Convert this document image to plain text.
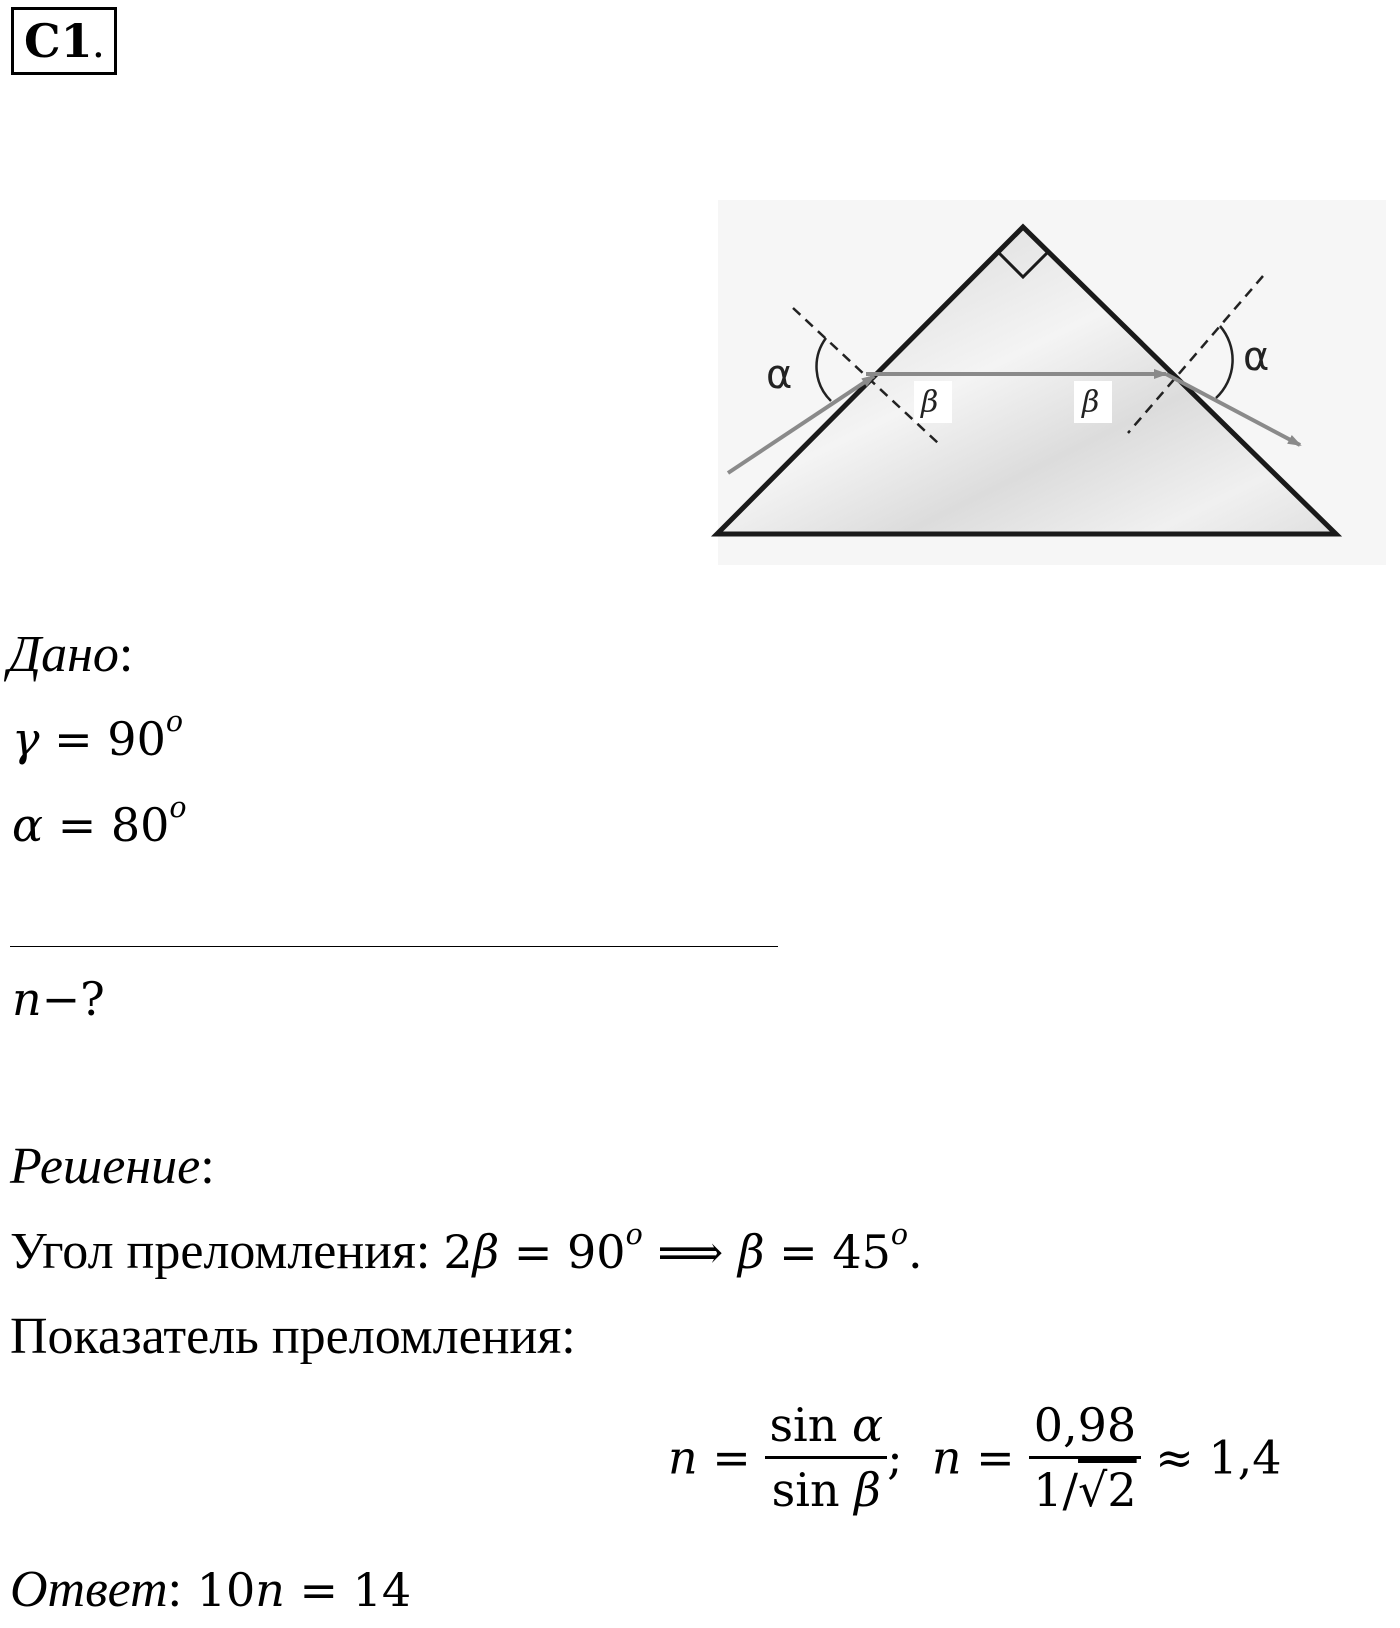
C1.
α	α
β	β
Дано:
$\gamma = 90^o$
$\alpha = 80^o$
n−?
Решение:
Угол преломления: $2\beta = 90^o$ ⟹ $\beta = 45^o$.
Показатель преломления:
$n = \frac{\text{sin α}}{\text{sin β}}$ ;  $n = \frac{0,98}{1/√2} \approx 1,4$
Ответ: 10n = 14
